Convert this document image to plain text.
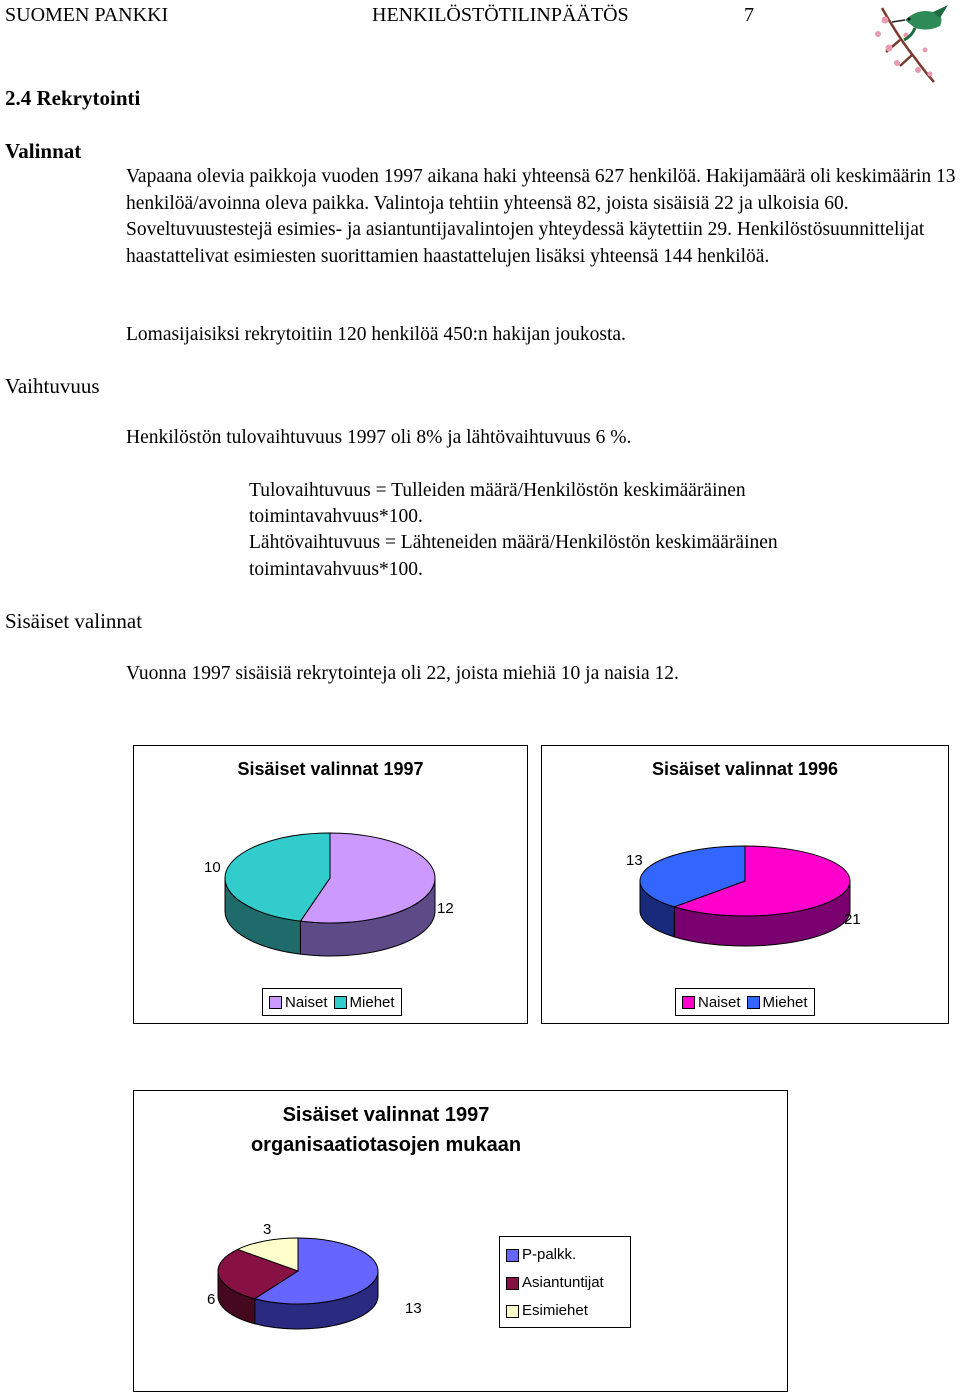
SUOMEN PANKKI	HENKILÖSTÖTILINPÄÄTÖS	7
2.4 Rekrytointi
Valinnat
Vapaana olevia paikkoja vuoden 1997 aikana haki yhteensä 627 henkilöä. Hakijamäärä oli keskimäärin 13 henkilöä/avoinna oleva paikka. Valintoja tehtiin yhteensä 82, joista sisäisiä 22 ja ulkoisia 60. Soveltuvuustestejä esimies- ja asiantuntijavalintojen yhteydessä käytettiin 29. Henkilöstösuunnittelijat haastattelivat esimiesten suorittamien haastattelujen lisäksi yhteensä 144 henkilöä.
Lomasijaisiksi rekrytoitiin 120 henkilöä 450:n hakijan joukosta.
Vaihtuvuus
Henkilöstön tulovaihtuvuus 1997 oli 8% ja lähtövaihtuvuus 6 %.
Tulovaihtuvuus = Tulleiden määrä/Henkilöstön keskimääräinen
toimintavahvuus*100.
Lähtövaihtuvuus = Lähteneiden määrä/Henkilöstön keskimääräinen
toimintavahvuus*100.
Sisäiset valinnat
Vuonna 1997 sisäisiä rekrytointeja oli 22, joista miehiä 10 ja naisia 12.
Sisäiset valinnat 1997
10
12
Naiset Miehet
Sisäiset valinnat 1996
13
21
Naiset Miehet
Sisäiset valinnat 1997
organisaatiotasojen mukaan
3
6
13
P-palkk.
Asiantuntijat
Esimiehet
